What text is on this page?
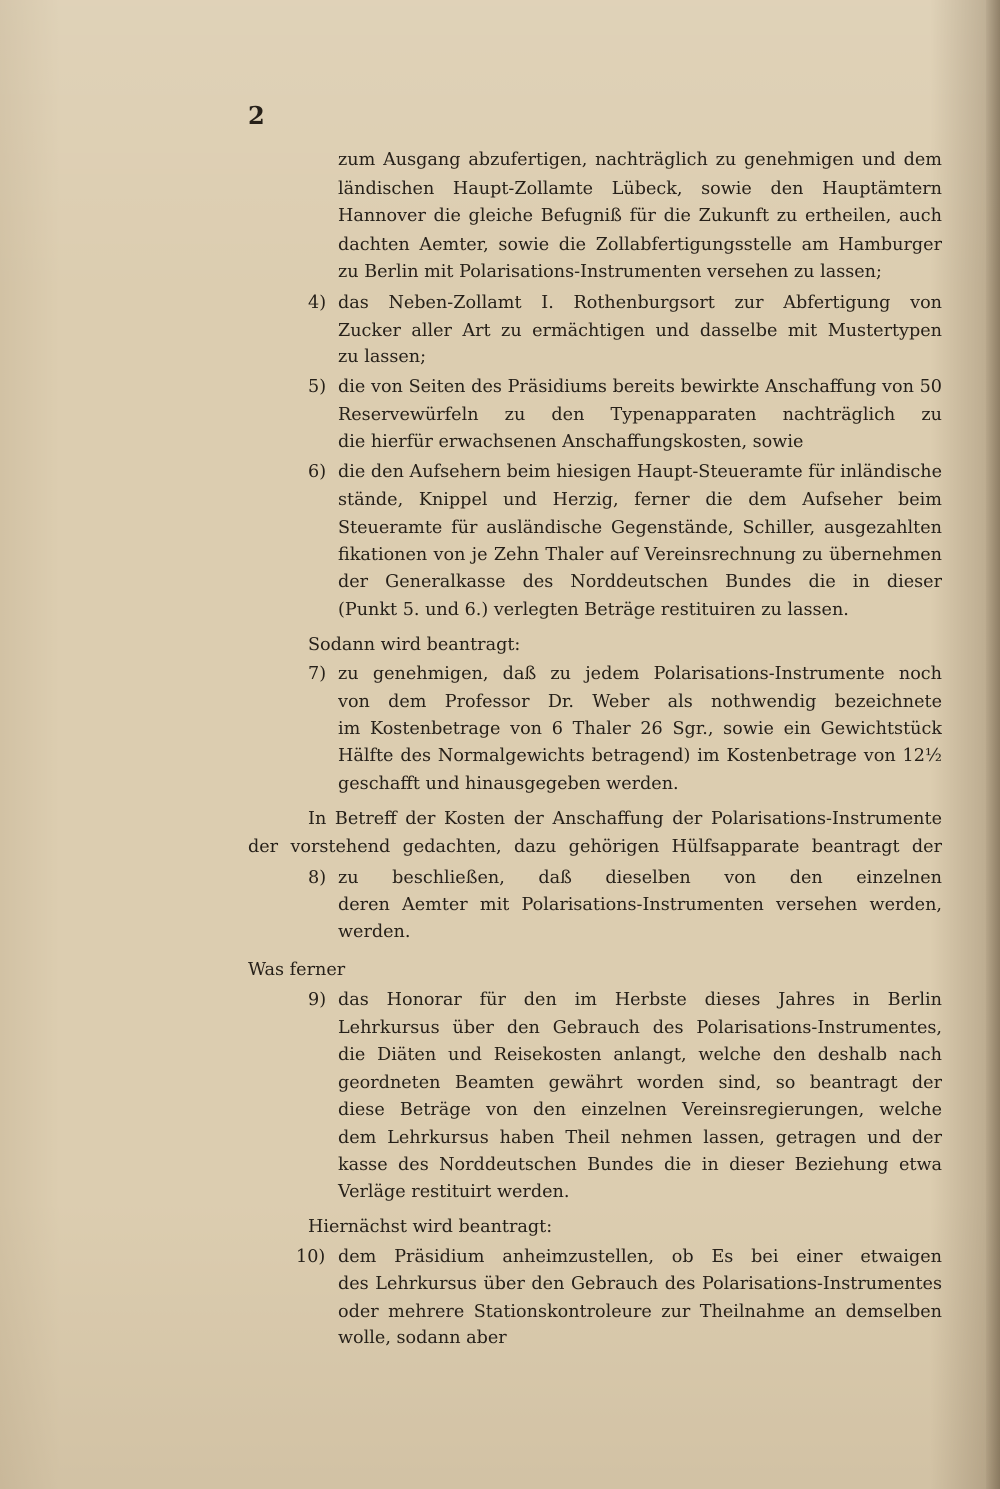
2
zum Ausgang abzufertigen, nachträglich zu genehmigen und dem
ländischen Haupt-Zollamte Lübeck, sowie den Hauptämtern
Hannover die gleiche Befugniß für die Zukunft zu ertheilen, auch
dachten Aemter, sowie die Zollabfertigungsstelle am Hamburger
zu Berlin mit Polarisations-Instrumenten versehen zu lassen;
das Neben-Zollamt I. Rothenburgsort zur Abfertigung von
Zucker aller Art zu ermächtigen und dasselbe mit Mustertypen
zu lassen;
die von Seiten des Präsidiums bereits bewirkte Anschaffung von 50
Reservewürfeln zu den Typenapparaten nachträglich zu
die hierfür erwachsenen Anschaffungskosten, sowie
die den Aufsehern beim hiesigen Haupt-Steueramte für inländische
stände, Knippel und Herzig, ferner die dem Aufseher beim
Steueramte für ausländische Gegenstände, Schiller, ausgezahlten
fikationen von je Zehn Thaler auf Vereinsrechnung zu übernehmen
der Generalkasse des Norddeutschen Bundes die in dieser
(Punkt 5. und 6.) verlegten Beträge restituiren zu lassen.
Sodann wird beantragt:
zu genehmigen, daß zu jedem Polarisations-Instrumente noch
von dem Professor Dr. Weber als nothwendig bezeichnete
im Kostenbetrage von 6 Thaler 26 Sgr., sowie ein Gewichtstück
Hälfte des Normalgewichts betragend) im Kostenbetrage von 12½
geschafft und hinausgegeben werden.
In Betreff der Kosten der Anschaffung der Polarisations-Instrumente
der vorstehend gedachten, dazu gehörigen Hülfsapparate beantragt der
zu beschließen, daß dieselben von den einzelnen
deren Aemter mit Polarisations-Instrumenten versehen werden,
werden.
Was ferner
das Honorar für den im Herbste dieses Jahres in Berlin
Lehrkursus über den Gebrauch des Polarisations-Instrumentes,
die Diäten und Reisekosten anlangt, welche den deshalb nach
geordneten Beamten gewährt worden sind, so beantragt der
diese Beträge von den einzelnen Vereinsregierungen, welche
dem Lehrkursus haben Theil nehmen lassen, getragen und der
kasse des Norddeutschen Bundes die in dieser Beziehung etwa
Verläge restituirt werden.
Hiernächst wird beantragt:
dem Präsidium anheimzustellen, ob Es bei einer etwaigen
des Lehrkursus über den Gebrauch des Polarisations-Instrumentes
oder mehrere Stationskontroleure zur Theilnahme an demselben
wolle, sodann aber
4)
5)
6)
7)
8)
9)
10)
